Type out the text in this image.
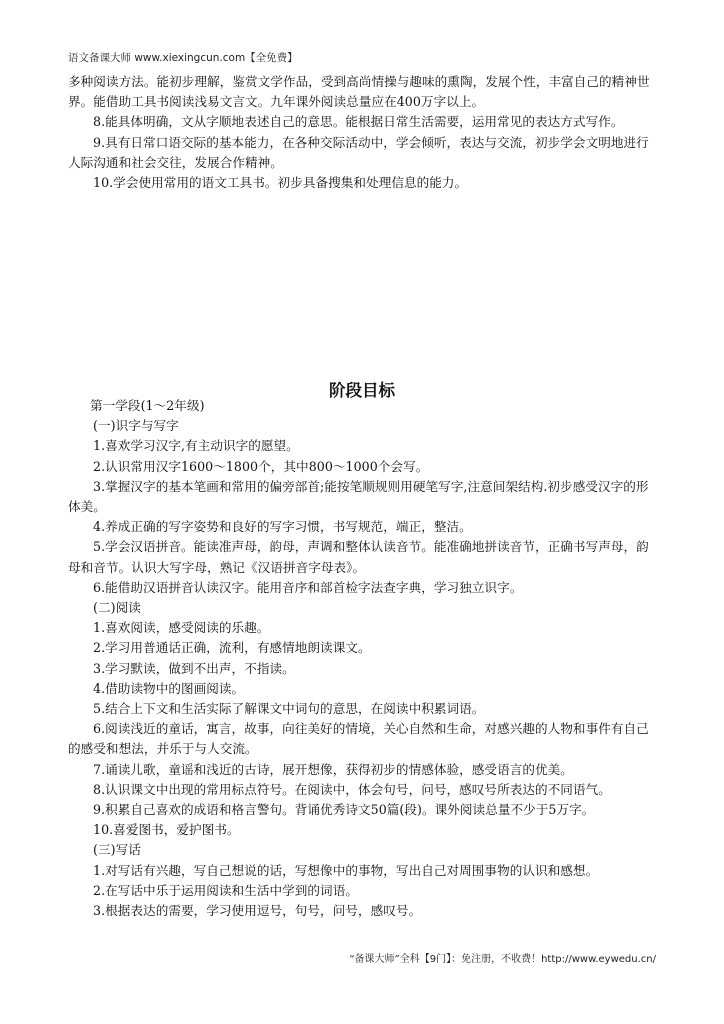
语文备课大师 www.xiexingcun.com【全免费】

多种阅读方法。能初步理解，鉴赏文学作品，受到高尚情操与趣味的熏陶，发展个性，丰富自己的精神世界。能借助工具书阅读浅易文言文。九年课外阅读总量应在400万字以上。

8.能具体明确，文从字顺地表述自己的意思。能根据日常生活需要，运用常见的表达方式写作。

9.具有日常口语交际的基本能力，在各种交际活动中，学会倾听，表达与交流，初步学会文明地进行人际沟通和社会交往，发展合作精神。

10.学会使用常用的语文工具书。初步具备搜集和处理信息的能力。

阶段目标

第一学段(1～2年级)

(一)识字与写字

1.喜欢学习汉字,有主动识字的愿望。

2.认识常用汉字1600～1800个，其中800～1000个会写。

3.掌握汉字的基本笔画和常用的偏旁部首;能按笔顺规则用硬笔写字,注意间架结构.初步感受汉字的形体美。

4.养成正确的写字姿势和良好的写字习惯，书写规范，端正，整洁。

5.学会汉语拼音。能读准声母，韵母，声调和整体认读音节。能准确地拼读音节，正确书写声母，韵母和音节。认识大写字母，熟记《汉语拼音字母表》。

6.能借助汉语拼音认读汉字。能用音序和部首检字法查字典，学习独立识字。

(二)阅读

1.喜欢阅读，感受阅读的乐趣。

2.学习用普通话正确，流利，有感情地朗读课文。

3.学习默读，做到不出声，不指读。

4.借助读物中的图画阅读。

5.结合上下文和生活实际了解课文中词句的意思，在阅读中积累词语。

6.阅读浅近的童话，寓言，故事，向往美好的情境，关心自然和生命，对感兴趣的人物和事件有自己的感受和想法，并乐于与人交流。

7.诵读儿歌，童谣和浅近的古诗，展开想像，获得初步的情感体验，感受语言的优美。

8.认识课文中出现的常用标点符号。在阅读中，体会句号，问号，感叹号所表达的不同语气。

9.积累自己喜欢的成语和格言警句。背诵优秀诗文50篇(段)。课外阅读总量不少于5万字。

10.喜爱图书，爱护图书。

(三)写话

1.对写话有兴趣，写自己想说的话，写想像中的事物，写出自己对周围事物的认识和感想。

2.在写话中乐于运用阅读和生活中学到的词语。

3.根据表达的需要，学习使用逗号，句号，问号，感叹号。

“备课大师”全科【9门】：免注册，不收费！http://www.eywedu.cn/
